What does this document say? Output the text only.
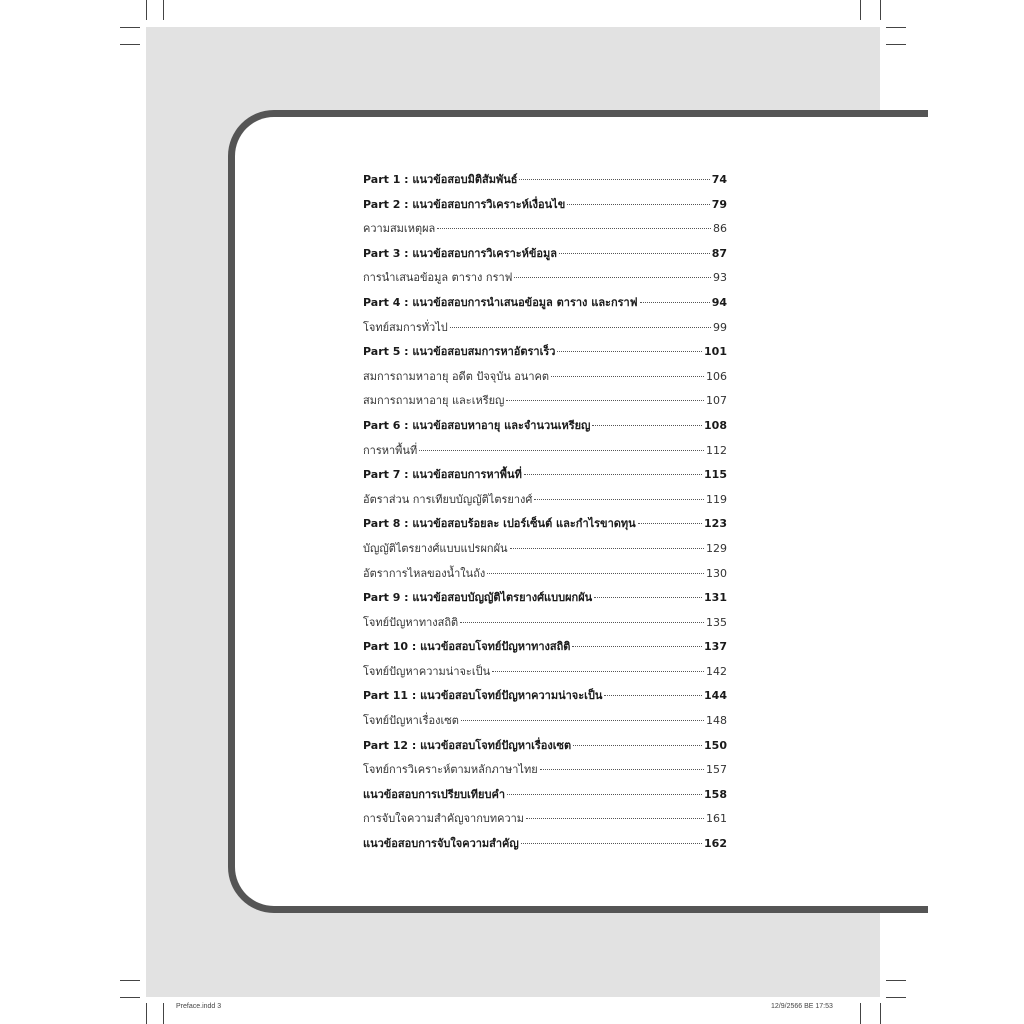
Part 1 : แนวข้อสอบมิติสัมพันธ์	74
Part 2 : แนวข้อสอบการวิเคราะห์เงื่อนไข	79
ความสมเหตุผล	86
Part 3 : แนวข้อสอบการวิเคราะห์ข้อมูล	87
การนำเสนอข้อมูล ตาราง กราฟ	93
Part 4 : แนวข้อสอบการนำเสนอข้อมูล ตาราง และกราฟ	94
โจทย์สมการทั่วไป	99
Part 5 : แนวข้อสอบสมการหาอัตราเร็ว	101
สมการถามหาอายุ อดีต ปัจจุบัน อนาคต	106
สมการถามหาอายุ และเหรียญ	107
Part 6 : แนวข้อสอบหาอายุ และจำนวนเหรียญ	108
การหาพื้นที่	112
Part 7 : แนวข้อสอบการหาพื้นที่	115
อัตราส่วน การเทียบบัญญัติไตรยางศ์	119
Part 8 : แนวข้อสอบร้อยละ เปอร์เซ็นต์ และกำไรขาดทุน	123
บัญญัติไตรยางศ์แบบแปรผกผัน	129
อัตราการไหลของน้ำในถัง	130
Part 9 : แนวข้อสอบบัญญัติไตรยางศ์แบบผกผัน	131
โจทย์ปัญหาทางสถิติ	135
Part 10 : แนวข้อสอบโจทย์ปัญหาทางสถิติ	137
โจทย์ปัญหาความน่าจะเป็น	142
Part 11 : แนวข้อสอบโจทย์ปัญหาความน่าจะเป็น	144
โจทย์ปัญหาเรื่องเซต	148
Part 12 : แนวข้อสอบโจทย์ปัญหาเรื่องเซต	150
โจทย์การวิเคราะห์ตามหลักภาษาไทย	157
แนวข้อสอบการเปรียบเทียบคำ	158
การจับใจความสำคัญจากบทความ	161
แนวข้อสอบการจับใจความสำคัญ	162
Preface.indd 3	12/9/2566 BE 17:53
